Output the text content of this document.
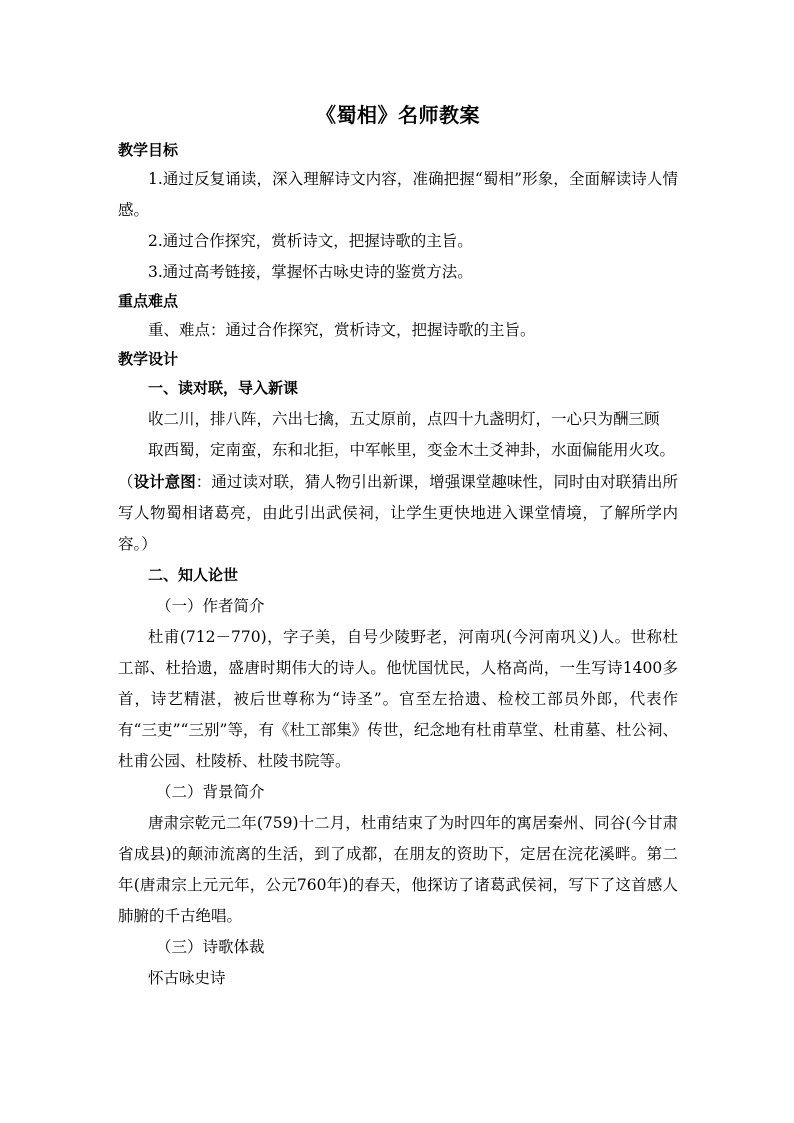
《蜀相》名师教案
教学目标

1.通过反复诵读，深入理解诗文内容，准确把握“蜀相”形象，全面解读诗人情感。

2.通过合作探究，赏析诗文，把握诗歌的主旨。

3.通过高考链接，掌握怀古咏史诗的鉴赏方法。

重点难点

重、难点：通过合作探究，赏析诗文，把握诗歌的主旨。

教学设计
一、读对联，导入新课

收二川，排八阵，六出七擒，五丈原前，点四十九盏明灯，一心只为酬三顾

取西蜀，定南蛮，东和北拒，中军帐里，变金木土爻神卦，水面偏能用火攻。

（设计意图：通过读对联，猜人物引出新课，增强课堂趣味性，同时由对联猜出所写人物蜀相诸葛亮，由此引出武侯祠，让学生更快地进入课堂情境，了解所学内容。）

二、知人论世
（一）作者简介

杜甫(712－770)，字子美，自号少陵野老，河南巩(今河南巩义)人。世称杜工部、杜拾遗，盛唐时期伟大的诗人。他忧国忧民，人格高尚，一生写诗1400多首，诗艺精湛，被后世尊称为“诗圣”。官至左拾遗、检校工部员外郎，代表作有“三吏”“三别”等，有《杜工部集》传世，纪念地有杜甫草堂、杜甫墓、杜公祠、杜甫公园、杜陵桥、杜陵书院等。

（二）背景简介

唐肃宗乾元二年(759)十二月，杜甫结束了为时四年的寓居秦州、同谷(今甘肃省成县)的颠沛流离的生活，到了成都，在朋友的资助下，定居在浣花溪畔。第二年(唐肃宗上元元年，公元760年)的春天，他探访了诸葛武侯祠，写下了这首感人肺腑的千古绝唱。

（三）诗歌体裁

怀古咏史诗
